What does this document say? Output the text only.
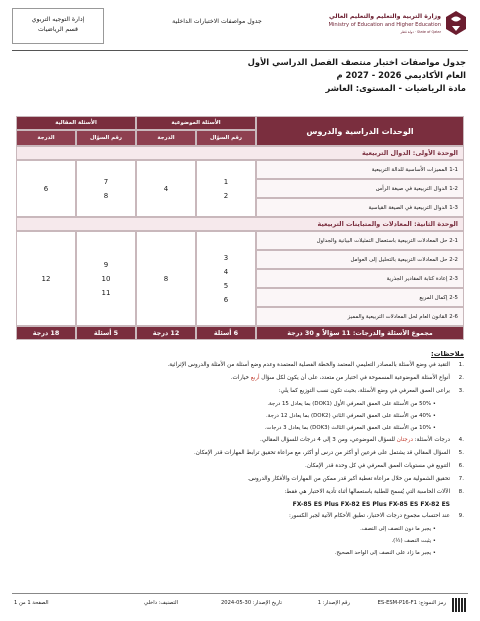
وزارة التربية والتعليم والتعليم العالي
Ministry of Education and Higher Education
State of Qatar · دولة قطر
جدول مواصفات الاختبارات الداخلية
إدارة التوجيه التربوي
قسم الرياضيات
جدول مواصفات اختبار منتصف الفصل الدراسي الأول
العام الأكاديمي 2026 - 2027 م
مادة الرياضيات - المستوى: العاشر
الوحدات الدراسية والدروس
الأسئلة الموضوعية
الأسئلة المقالية
رقم السؤال
الدرجة
رقم السؤال
الدرجة
الوحدة الأولى: الدوال التربيعية
1-1 المميزات الأساسية للدالة التربيعية
1-2 الدوال التربيعية في صيغة الرأس
1-3 الدوال التربيعية في الصيغة القياسية
1
2
4
7
8
6
الوحدة الثانية: المعادلات والمتباينات التربيعية
2-1 حل المعادلات التربيعية باستعمال التمثيلات البيانية والجداول
2-2 حل المعادلات التربيعية بالتحليل إلى العوامل
2-3 إعادة كتابة المقادير الجذرية
2-5 إكمال المربع
2-6 القانون العام لحل المعادلات التربيعية والمميز
3
4
5
6
8
9
10
11
12
مجموع الأسئلة والدرجات: 11 سؤالاً و 30 درجة
6 أسئلة
12 درجة
5 أسئلة
18 درجة
ملاحظات:
.1
التقيد في وضع الأسئلة بالمصادر التعليمي المعتمد والخطة الفصلية المعتمدة وعدم وضع أسئلة من الأمثلة والدروس الإثرائية.
.2
أنواع الأسئلة الموضوعية المسموحة في اختبار من متعدد، على أن يكون لكل سؤال أربع خيارات.
.3
يراعى العمق المعرفي في وضع الأسئلة، بحيث تكون نسب التوزيع كما يلي:
• 50% من الأسئلة على العمق المعرفي الأول (DOK1) بما يعادل 15 درجة.
• 40% من الأسئلة على العمق المعرفي الثاني (DOK2) بما يعادل 12 درجة.
• 10% من الأسئلة على العمق المعرفي الثالث (DOK3) بما يعادل 3 درجات.
.4
درجات الأسئلة: درجتان للسؤال الموضوعي، ومن 3 إلى 4 درجات للسؤال المقالي.
.5
السؤال المقالي قد يشتمل على فرعين أو أكثر من درس أو أكثر، مع مراعاة تحقيق ترابط المهارات قدر الإمكان.
.6
التنويع في مستويات العمق المعرفي في كل وحدة قدر الإمكان.
.7
تحقيق الشمولية من خلال مراعاة تغطية أكبر قدر ممكن من المهارات والأفكار والدروس.
.8
الآلات الحاسبة التي يُسمح للطلبة باستعمالها أثناء تأدية الاختبار هي فقط:
FX-85 ES Plus FX-82 ES Plus FX-85 ES FX-82 ES
.9
عند احتساب مجموع درجات الاختبار، تطبق الأحكام الآتية لجبر الكسور:
• يجبر ما دون النصف إلى النصف.
• يثبت النصف (½).
• يجبر ما زاد على النصف إلى الواحد الصحيح.
رمز النموذج: ES-ESM-P16-F1
رقم الإصدار: 1
تاريخ الإصدار: 30-05-2024
التصنيف: داخلي
الصفحة 1 من 1
